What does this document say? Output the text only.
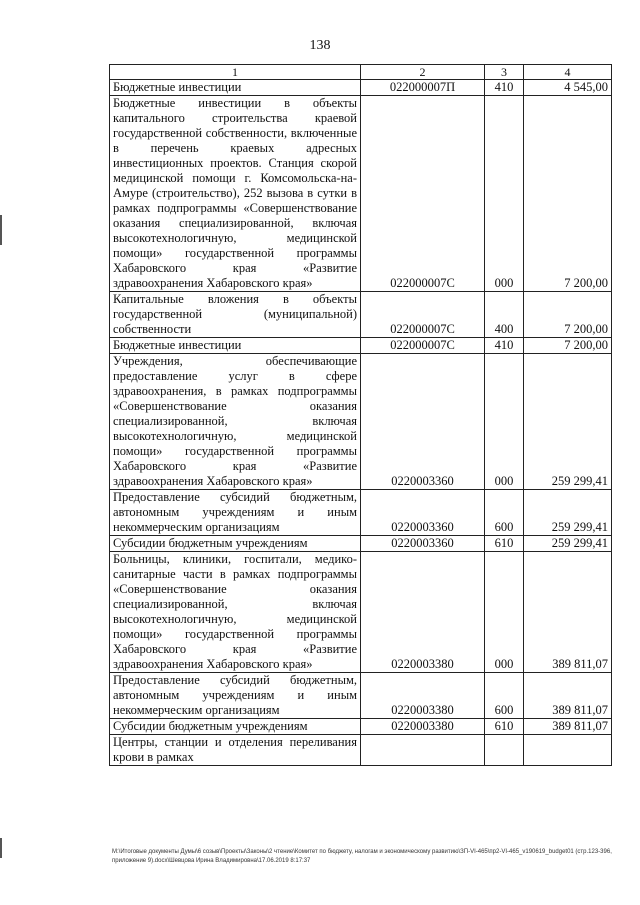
138
1	2	3	4
Бюджетные инвестиции	022000007П	410	4 545,00
Бюджетные инвестиции в объекты капитального строительства краевой государственной собственности, включенные в перечень краевых адресных инвестиционных проектов. Станция скорой медицинской помощи г. Комсомольска-на-Амуре (строительство), 252 вызова в сутки в рамках подпрограммы «Совершенствование оказания специализированной, включая высокотехнологичную, медицинской помощи» государственной программы Хабаровского края «Развитие здравоохранения Хабаровского края»	022000007С	000	7 200,00
Капитальные вложения в объекты государственной (муниципальной) собственности	022000007С	400	7 200,00
Бюджетные инвестиции	022000007С	410	7 200,00
Учреждения, обеспечивающие предоставление услуг в сфере здравоохранения, в рамках подпрограммы «Совершенствование оказания специализированной, включая высокотехнологичную, медицинской помощи» государственной программы Хабаровского края «Развитие здравоохранения Хабаровского края»	0220003360	000	259 299,41
Предоставление субсидий бюджетным, автономным учреждениям и иным некоммерческим организациям	0220003360	600	259 299,41
Субсидии бюджетным учреждениям	0220003360	610	259 299,41
Больницы, клиники, госпитали, медико-санитарные части в рамках подпрограммы «Совершенствование оказания специализированной, включая высокотехнологичную, медицинской помощи» государственной программы Хабаровского края «Развитие здравоохранения Хабаровского края»	0220003380	000	389 811,07
Предоставление субсидий бюджетным, автономным учреждениям и иным некоммерческим организациям	0220003380	600	389 811,07
Субсидии бюджетным учреждениям	0220003380	610	389 811,07
Центры, станции и отделения переливания крови в рамках			
M:\Итоговые документы Думы\6 созыв\Проекты\Законы\2 чтение\Комитет по бюджету, налогам и экономическому развитию\ЗП-VI-465\пр2-VI-465_v190619_budget01 (стр.123-396, приложение 9).docx\Шевцова Ирина Владимировна\17.06.2019 8:17:37
